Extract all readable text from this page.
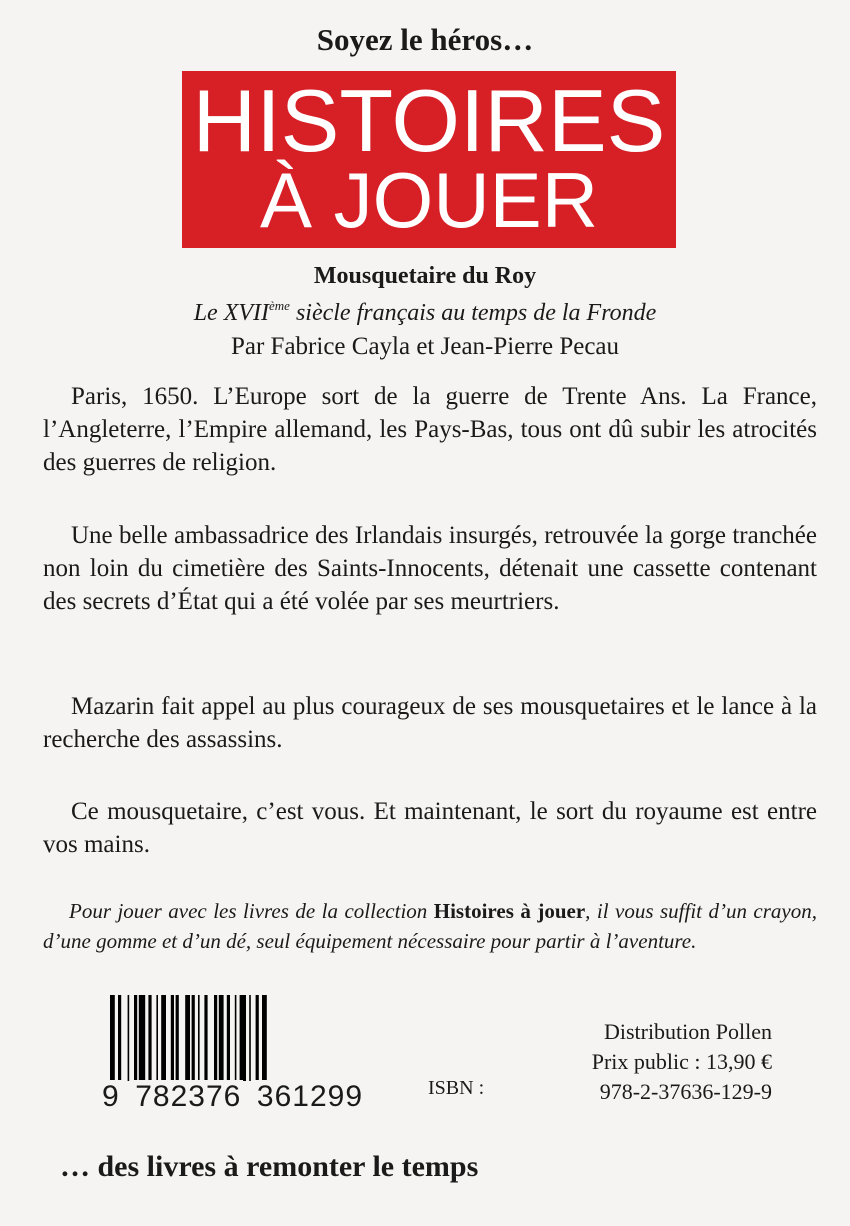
Soyez le héros…
HISTOIRES
À JOUER
Mousquetaire du Roy
Le XVIIème siècle français au temps de la Fronde
Par Fabrice Cayla et Jean-Pierre Pecau
Paris, 1650. L’Europe sort de la guerre de Trente Ans. La France, l’Angleterre, l’Empire allemand, les Pays-Bas, tous ont dû subir les atrocités des guerres de religion.
Une belle ambassadrice des Irlandais insurgés, retrouvée la gorge tranchée non loin du cimetière des Saints-Innocents, détenait une cassette contenant des secrets d’État qui a été volée par ses meurtriers.
Mazarin fait appel au plus courageux de ses mousquetaires et le lance à la recherche des assassins.
Ce mousquetaire, c’est vous. Et maintenant, le sort du royaume est entre vos mains.
Pour jouer avec les livres de la collection Histoires à jouer, il vous suffit d’un crayon, d’une gomme et d’un dé, seul équipement nécessaire pour partir à l’aventure.
9 782376 361299	ISBN :
Distribution Pollen
Prix public : 13,90 €
978-2-37636-129-9
… des livres à remonter le temps
